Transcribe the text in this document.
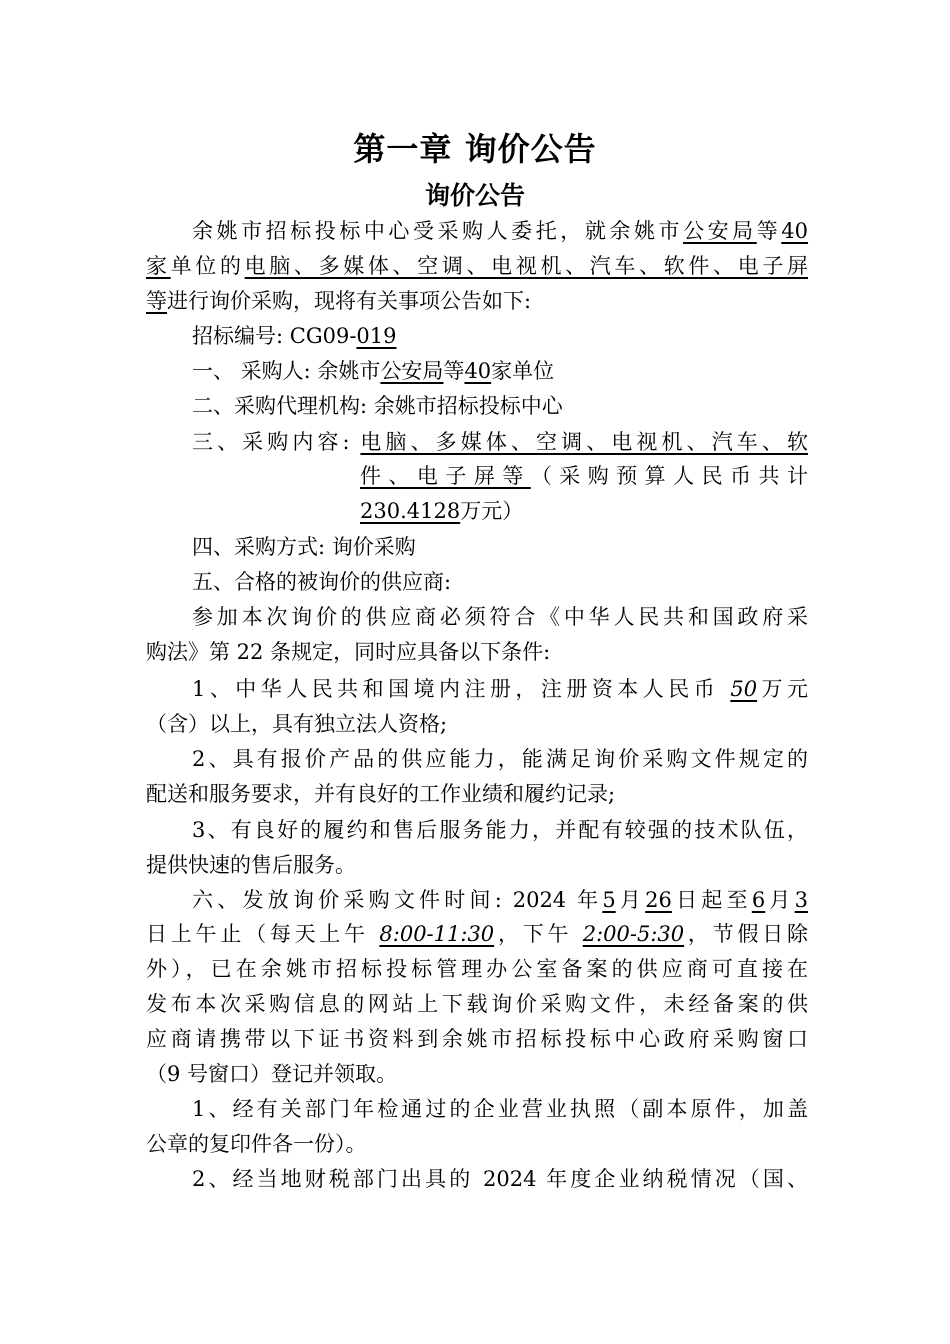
第一章 询价公告
询价公告
余姚市招标投标中心受采购人委托，就余姚市公安局等40
家单位的电脑、多媒体、空调、电视机、汽车、软件、电子屏
等进行询价采购，现将有关事项公告如下:
招标编号: CG09-019
一、 采购人: 余姚市公安局等40家单位
二、采购代理机构: 余姚市招标投标中心
三、采购内容: 电脑、多媒体、空调、电视机、汽车、软
件、电子屏等（采购预算人民币共计
230.4128万元）
四、采购方式: 询价采购
五、合格的被询价的供应商:
参加本次询价的供应商必须符合《中华人民共和国政府采
购法》第 22 条规定，同时应具备以下条件:
1、中华人民共和国境内注册，注册资本人民币 50万元
（含）以上，具有独立法人资格;
2、具有报价产品的供应能力，能满足询价采购文件规定的
配送和服务要求，并有良好的工作业绩和履约记录;
3、有良好的履约和售后服务能力，并配有较强的技术队伍，
提供快速的售后服务。
六、发放询价采购文件时间: 2024 年5月26日起至6月3
日上午止（每天上午 8:00-11:30，下午 2:00-5:30，节假日除
外），已在余姚市招标投标管理办公室备案的供应商可直接在
发布本次采购信息的网站上下载询价采购文件，未经备案的供
应商请携带以下证书资料到余姚市招标投标中心政府采购窗口
（9 号窗口）登记并领取。
1、经有关部门年检通过的企业营业执照（副本原件，加盖
公章的复印件各一份）。
2、经当地财税部门出具的 2024 年度企业纳税情况（国、
